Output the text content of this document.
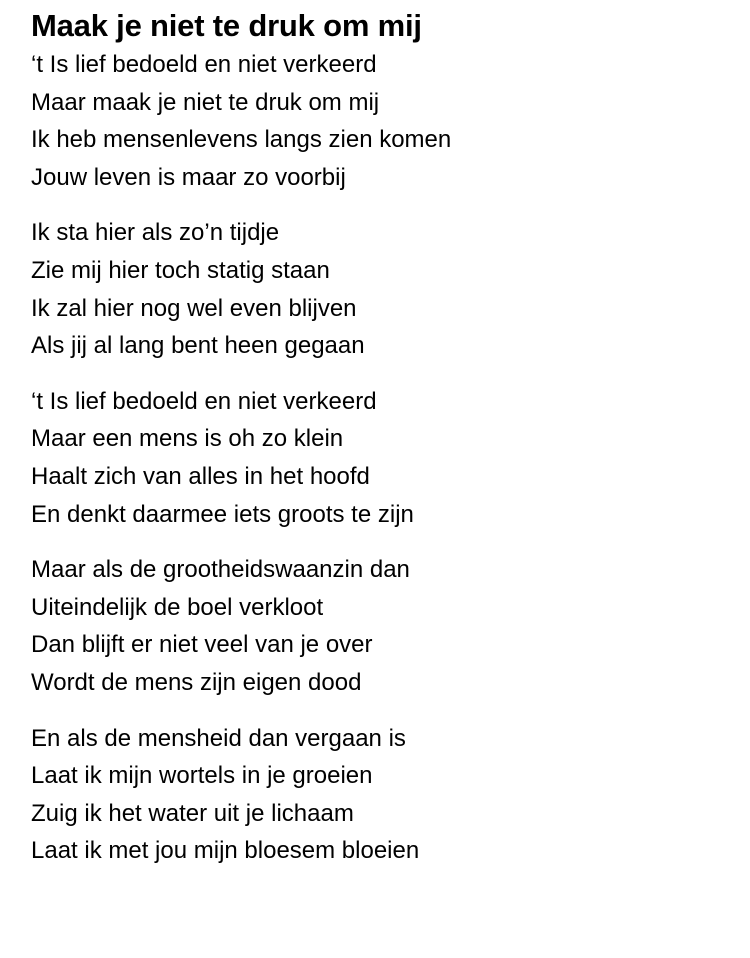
Maak je niet te druk om mij
‘t Is lief bedoeld en niet verkeerd
Maar maak je niet te druk om mij
Ik heb mensenlevens langs zien komen
Jouw leven is maar zo voorbij
Ik sta hier als zo’n tijdje
Zie mij hier toch statig staan
Ik zal hier nog wel even blijven
Als jij al lang bent heen gegaan
‘t Is lief bedoeld en niet verkeerd
Maar een mens is oh zo klein
Haalt zich van alles in het hoofd
En denkt daarmee iets groots te zijn
Maar als de grootheidswaanzin dan
Uiteindelijk de boel verkloot
Dan blijft er niet veel van je over
Wordt de mens zijn eigen dood
En als de mensheid dan vergaan is
Laat ik mijn wortels in je groeien
Zuig ik het water uit je lichaam
Laat ik met jou mijn bloesem bloeien
